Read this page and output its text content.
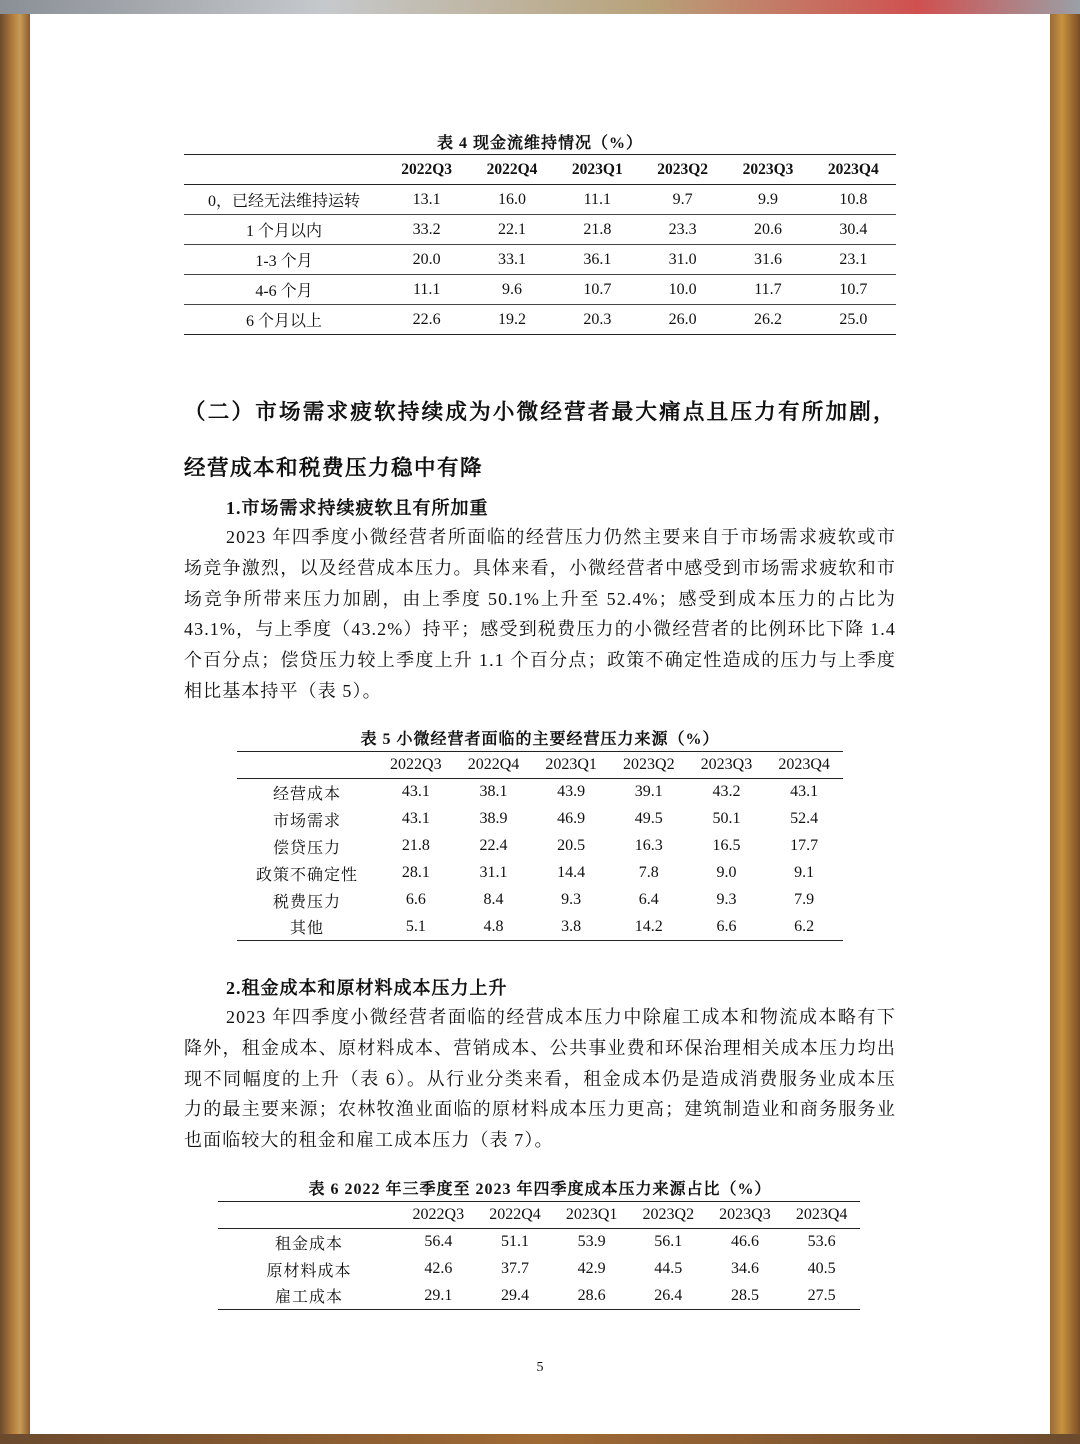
表 4 现金流维持情况（%）
	2022Q3	2022Q4	2023Q1	2023Q2	2023Q3	2023Q4
0，已经无法维持运转	13.1	16.0	11.1	9.7	9.9	10.8
1 个月以内	33.2	22.1	21.8	23.3	20.6	30.4
1-3 个月	20.0	33.1	36.1	31.0	31.6	23.1
4-6 个月	11.1	9.6	10.7	10.0	11.7	10.7
6 个月以上	22.6	19.2	20.3	26.0	26.2	25.0
（二）市场需求疲软持续成为小微经营者最大痛点且压力有所加剧，经营成本和税费压力稳中有降
1.市场需求持续疲软且有所加重
2023 年四季度小微经营者所面临的经营压力仍然主要来自于市场需求疲软或市场竞争激烈，以及经营成本压力。具体来看，小微经营者中感受到市场需求疲软和市场竞争所带来压力加剧，由上季度 50.1%上升至 52.4%；感受到成本压力的占比为 43.1%，与上季度（43.2%）持平；感受到税费压力的小微经营者的比例环比下降 1.4 个百分点；偿贷压力较上季度上升 1.1 个百分点；政策不确定性造成的压力与上季度相比基本持平（表 5）。
表 5 小微经营者面临的主要经营压力来源（%）
	2022Q3	2022Q4	2023Q1	2023Q2	2023Q3	2023Q4
经营成本	43.1	38.1	43.9	39.1	43.2	43.1
市场需求	43.1	38.9	46.9	49.5	50.1	52.4
偿贷压力	21.8	22.4	20.5	16.3	16.5	17.7
政策不确定性	28.1	31.1	14.4	7.8	9.0	9.1
税费压力	6.6	8.4	9.3	6.4	9.3	7.9
其他	5.1	4.8	3.8	14.2	6.6	6.2
2.租金成本和原材料成本压力上升
2023 年四季度小微经营者面临的经营成本压力中除雇工成本和物流成本略有下降外，租金成本、原材料成本、营销成本、公共事业费和环保治理相关成本压力均出现不同幅度的上升（表 6）。从行业分类来看，租金成本仍是造成消费服务业成本压力的最主要来源；农林牧渔业面临的原材料成本压力更高；建筑制造业和商务服务业也面临较大的租金和雇工成本压力（表 7）。
表 6 2022 年三季度至 2023 年四季度成本压力来源占比（%）
	2022Q3	2022Q4	2023Q1	2023Q2	2023Q3	2023Q4
租金成本	56.4	51.1	53.9	56.1	46.6	53.6
原材料成本	42.6	37.7	42.9	44.5	34.6	40.5
雇工成本	29.1	29.4	28.6	26.4	28.5	27.5
5
